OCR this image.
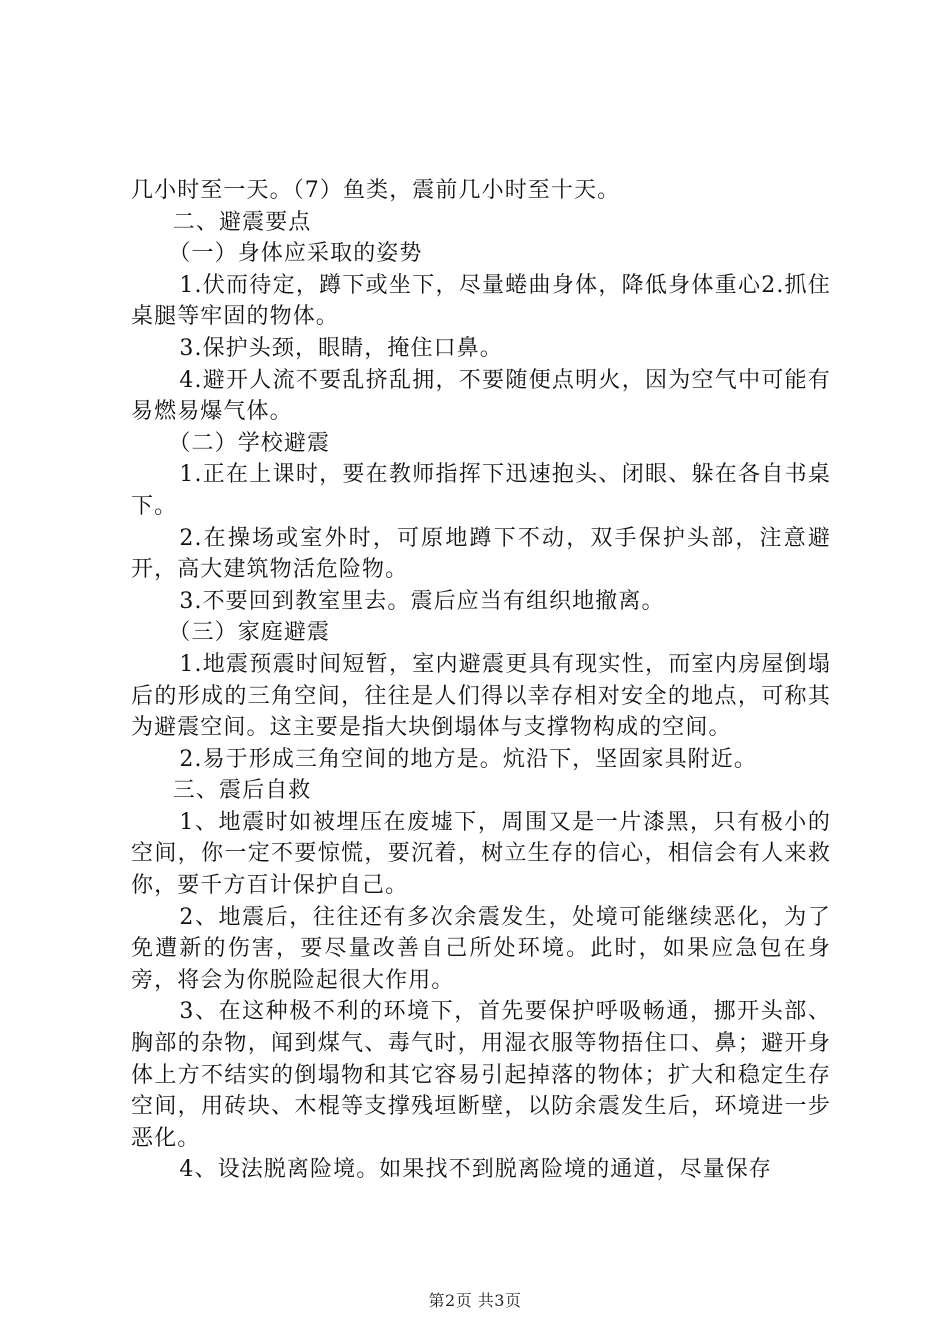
几小时至一天。（7）鱼类，震前几小时至十天。

二、避震要点

（一）身体应采取的姿势

1.伏而待定，蹲下或坐下，尽量蜷曲身体，降低身体重心2.抓住桌腿等牢固的物体。

3.保护头颈，眼睛，掩住口鼻。

4.避开人流不要乱挤乱拥，不要随便点明火，因为空气中可能有易燃易爆气体。

（二）学校避震

1.正在上课时，要在教师指挥下迅速抱头、闭眼、躲在各自书桌下。

2.在操场或室外时，可原地蹲下不动，双手保护头部，注意避开，高大建筑物活危险物。

3.不要回到教室里去。震后应当有组织地撤离。

（三）家庭避震

1.地震预震时间短暂，室内避震更具有现实性，而室内房屋倒塌后的形成的三角空间，往往是人们得以幸存相对安全的地点，可称其为避震空间。这主要是指大块倒塌体与支撑物构成的空间。

2.易于形成三角空间的地方是。炕沿下，坚固家具附近。

三、震后自救

1、地震时如被埋压在废墟下，周围又是一片漆黑，只有极小的空间，你一定不要惊慌，要沉着，树立生存的信心，相信会有人来救你，要千方百计保护自己。

2、地震后，往往还有多次余震发生，处境可能继续恶化，为了免遭新的伤害，要尽量改善自己所处环境。此时，如果应急包在身旁，将会为你脱险起很大作用。

3、在这种极不利的环境下，首先要保护呼吸畅通，挪开头部、胸部的杂物，闻到煤气、毒气时，用湿衣服等物捂住口、鼻；避开身体上方不结实的倒塌物和其它容易引起掉落的物体；扩大和稳定生存空间，用砖块、木棍等支撑残垣断壁，以防余震发生后，环境进一步恶化。

4、设法脱离险境。如果找不到脱离险境的通道，尽量保存

第2页 共3页
